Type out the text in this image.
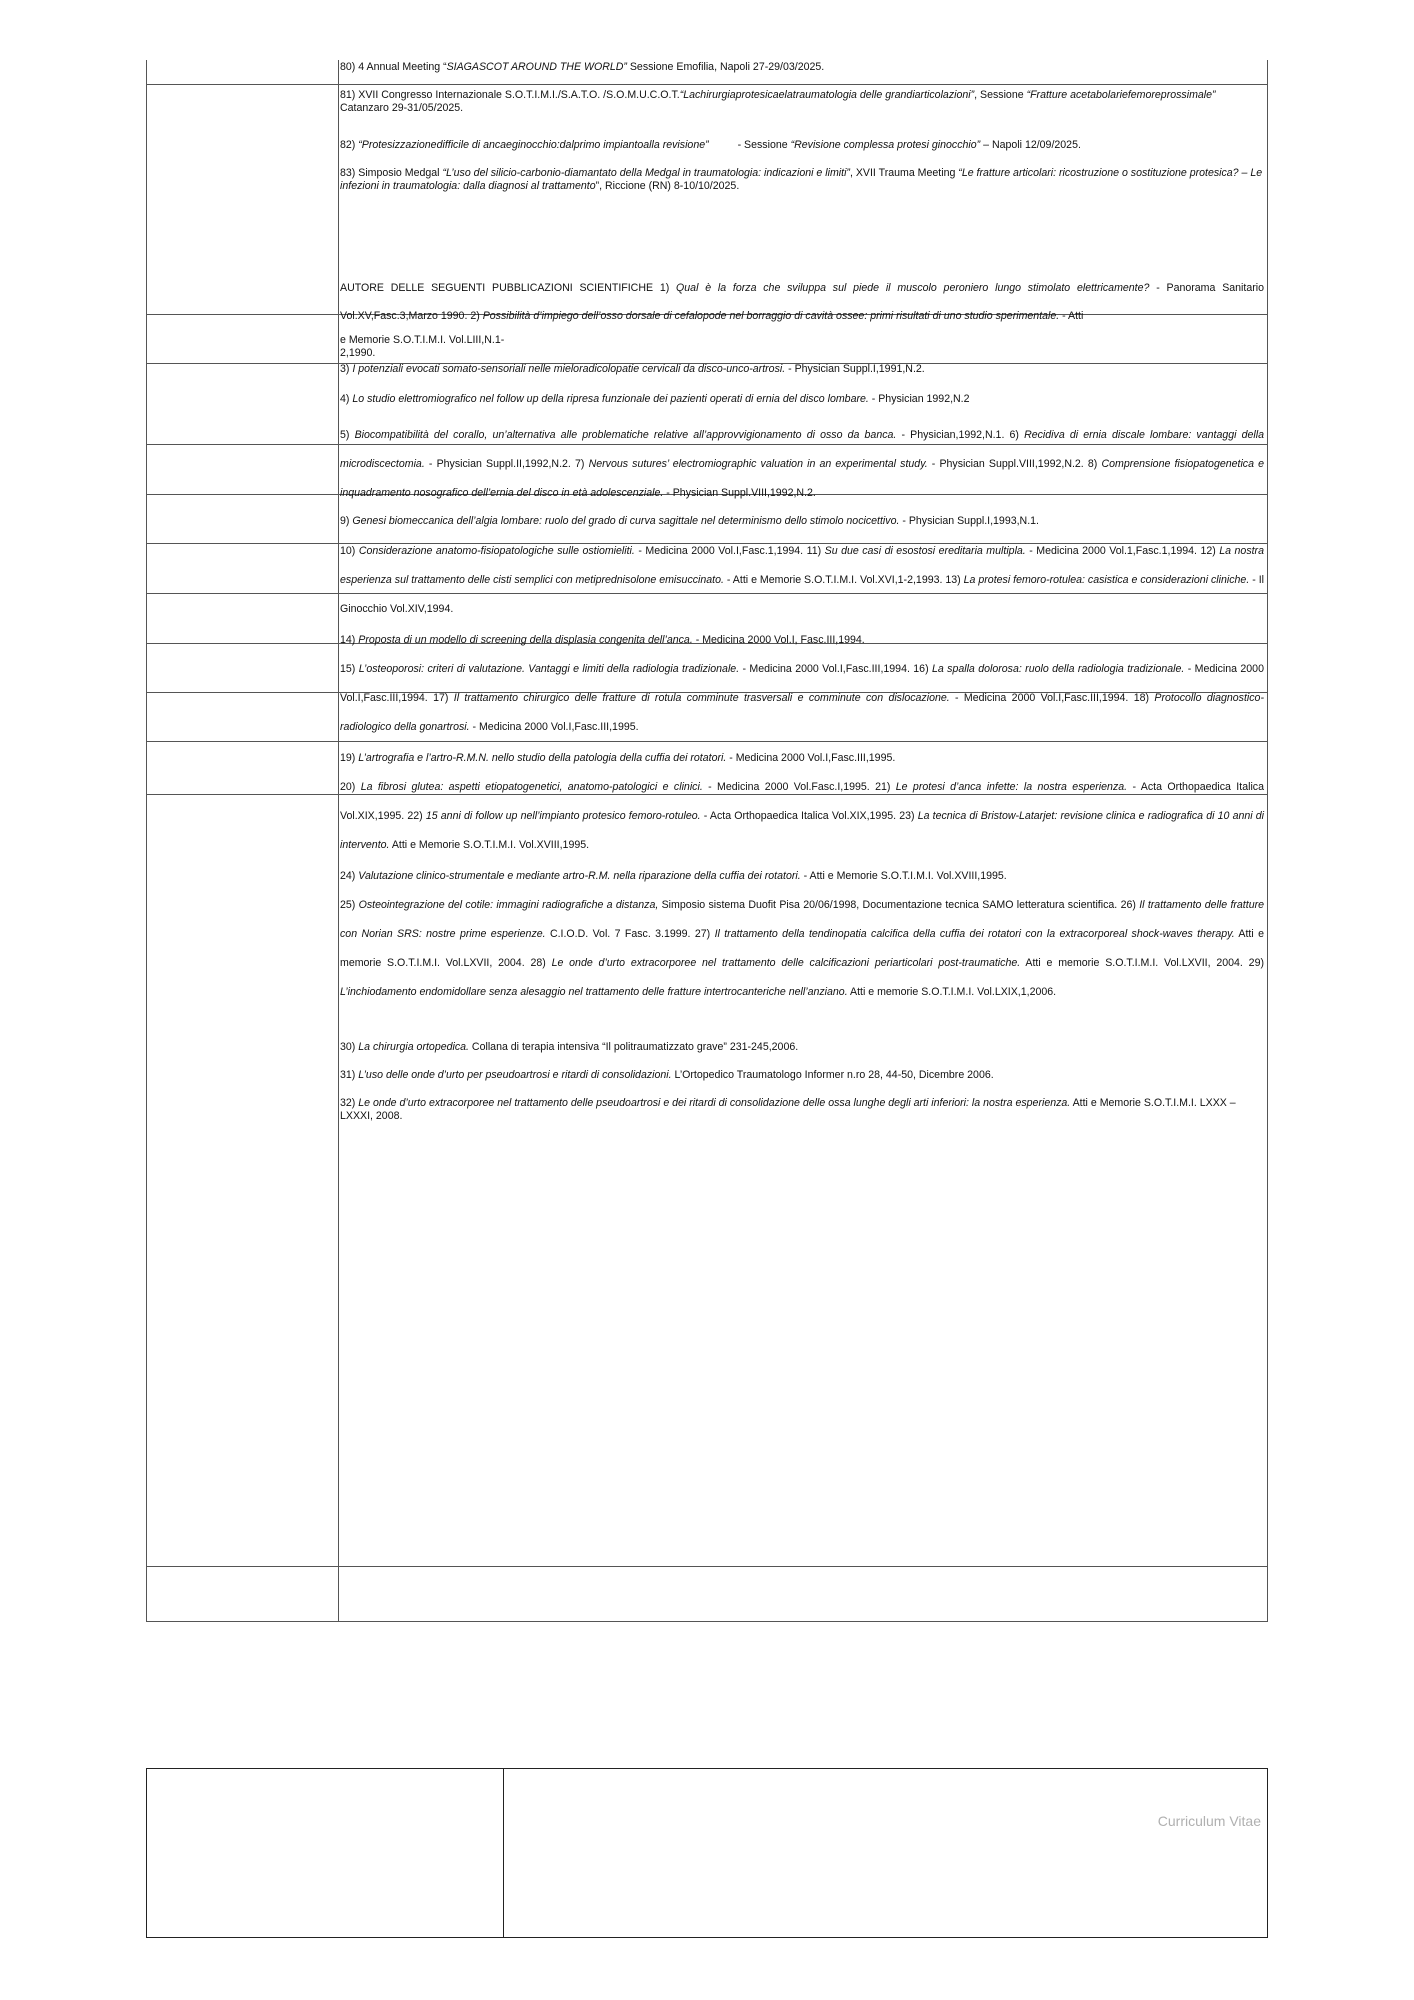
80) 4 Annual Meeting “SIAGASCOT AROUND THE WORLD” Sessione Emofilia, Napoli 27-29/03/2025.

81) XVII Congresso Internazionale S.O.T.I.M.I./S.A.T.O. /S.O.M.U.C.O.T.“Lachirurgiaprotesicaelatraumatologia delle grandiarticolazioni”, Sessione “Fratture acetabolariefemoreprossimale” Catanzaro 29-31/05/2025.

82) “Protesizzazionedifficile di ancaeginocchio:dalprimo impiantoalla revisione” - Sessione “Revisione complessa protesi ginocchio” – Napoli 12/09/2025.

83) Simposio Medgal “L’uso del silicio-carbonio-diamantato della Medgal in traumatologia: indicazioni e limiti”, XVII Trauma Meeting “Le fratture articolari: ricostruzione o sostituzione protesica? – Le infezioni in traumatologia: dalla diagnosi al trattamento”, Riccione (RN) 8-10/10/2025.

AUTORE DELLE SEGUENTI PUBBLICAZIONI SCIENTIFICHE 1) Qual è la forza che sviluppa sul piede il muscolo peroniero lungo stimolato elettricamente? - Panorama Sanitario Vol.XV,Fasc.3,Marzo 1990. 2) Possibilità d’impiego dell’osso dorsale di cefalopode nel borraggio di cavità ossee: primi risultati di uno studio sperimentale. - Atti

e Memorie S.O.T.I.M.I. Vol.LIII,N.1-
2,1990.

3) I potenziali evocati somato-sensoriali nelle mieloradicolopatie cervicali da disco-unco-artrosi. - Physician Suppl.I,1991,N.2.

4) Lo studio elettromiografico nel follow up della ripresa funzionale dei pazienti operati di ernia del disco lombare. - Physician 1992,N.2

5) Biocompatibilità del corallo, un’alternativa alle problematiche relative all’approvvigionamento di osso da banca. - Physician,1992,N.1. 6) Recidiva di ernia discale lombare: vantaggi della microdiscectomia. - Physician Suppl.II,1992,N.2. 7) Nervous sutures’ electromiographic valuation in an experimental study. - Physician Suppl.VIII,1992,N.2. 8) Comprensione fisiopatogenetica e inquadramento nosografico dell’ernia del disco in età adolescenziale. - Physician Suppl.VIII,1992,N.2.

9) Genesi biomeccanica dell’algia lombare: ruolo del grado di curva sagittale nel determinismo dello stimolo nocicettivo. - Physician Suppl.I,1993,N.1.

10) Considerazione anatomo-fisiopatologiche sulle ostiomieliti. - Medicina 2000 Vol.I,Fasc.1,1994. 11) Su due casi di esostosi ereditaria multipla. - Medicina 2000 Vol.1,Fasc.1,1994. 12) La nostra esperienza sul trattamento delle cisti semplici con metiprednisolone emisuccinato. - Atti e Memorie S.O.T.I.M.I. Vol.XVI,1-2,1993. 13) La protesi femoro-rotulea: casistica e considerazioni cliniche. - Il Ginocchio Vol.XIV,1994.

14) Proposta di un modello di screening della displasia congenita dell’anca. - Medicina 2000 Vol.I, Fasc.III,1994.

15) L’osteoporosi: criteri di valutazione. Vantaggi e limiti della radiologia tradizionale. - Medicina 2000 Vol.I,Fasc.III,1994. 16) La spalla dolorosa: ruolo della radiologia tradizionale. - Medicina 2000 Vol.I,Fasc.III,1994. 17) Il trattamento chirurgico delle fratture di rotula comminute trasversali e comminute con dislocazione. - Medicina 2000 Vol.I,Fasc.III,1994. 18) Protocollo diagnostico-radiologico della gonartrosi. - Medicina 2000 Vol.I,Fasc.III,1995.

19) L’artrografia e l’artro-R.M.N. nello studio della patologia della cuffia dei rotatori. - Medicina 2000 Vol.I,Fasc.III,1995.

20) La fibrosi glutea: aspetti etiopatogenetici, anatomo-patologici e clinici. - Medicina 2000 Vol.Fasc.I,1995. 21) Le protesi d’anca infette: la nostra esperienza. - Acta Orthopaedica Italica Vol.XIX,1995. 22) 15 anni di follow up nell’impianto protesico femoro-rotuleo. - Acta Orthopaedica Italica Vol.XIX,1995. 23) La tecnica di Bristow-Latarjet: revisione clinica e radiografica di 10 anni di intervento. Atti e Memorie S.O.T.I.M.I. Vol.XVIII,1995.

24) Valutazione clinico-strumentale e mediante artro-R.M. nella riparazione della cuffia dei rotatori. - Atti e Memorie S.O.T.I.M.I. Vol.XVIII,1995.

25) Osteointegrazione del cotile: immagini radiografiche a distanza, Simposio sistema Duofit Pisa 20/06/1998, Documentazione tecnica SAMO letteratura scientifica. 26) Il trattamento delle fratture con Norian SRS: nostre prime esperienze. C.I.O.D. Vol. 7 Fasc. 3.1999. 27) Il trattamento della tendinopatia calcifica della cuffia dei rotatori con la extracorporeal shock-waves therapy. Atti e memorie S.O.T.I.M.I. Vol.LXVII, 2004. 28) Le onde d’urto extracorporee nel trattamento delle calcificazioni periarticolari post-traumatiche. Atti e memorie S.O.T.I.M.I. Vol.LXVII, 2004. 29) L’inchiodamento endomidollare senza alesaggio nel trattamento delle fratture intertrocanteriche nell’anziano. Atti e memorie S.O.T.I.M.I. Vol.LXIX,1,2006.

30) La chirurgia ortopedica. Collana di terapia intensiva “Il politraumatizzato grave” 231-245,2006.

31) L’uso delle onde d’urto per pseudoartrosi e ritardi di consolidazioni. L’Ortopedico Traumatologo Informer n.ro 28, 44-50, Dicembre 2006.

32) Le onde d’urto extracorporee nel trattamento delle pseudoartrosi e dei ritardi di consolidazione delle ossa lunghe degli arti inferiori: la nostra esperienza. Atti e Memorie S.O.T.I.M.I. LXXX – LXXXI, 2008.

Curriculum Vitae
